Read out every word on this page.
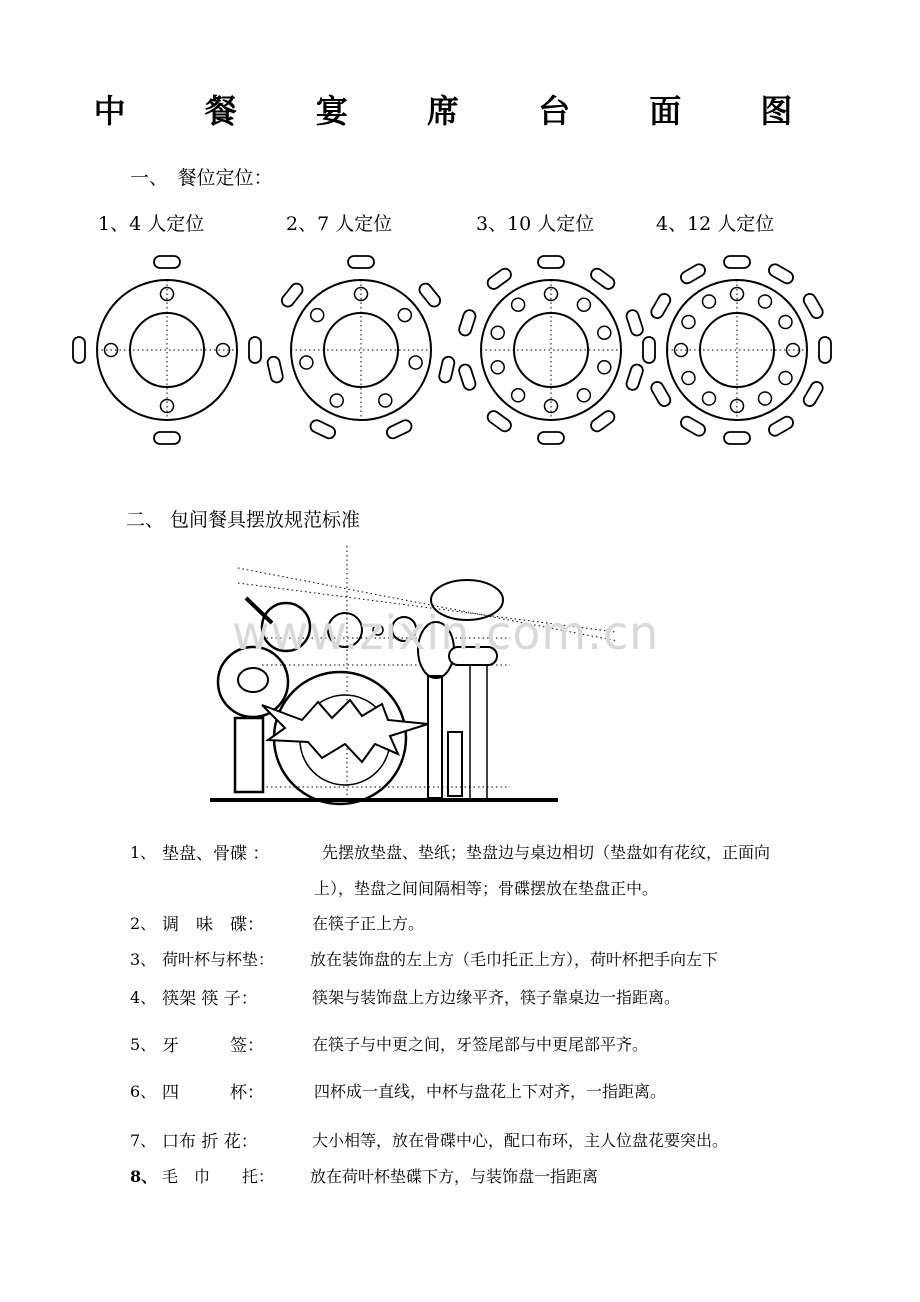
中 餐 宴 席 台 面 图
一、　餐位定位：
1、4 人定位	2、7 人定位	3、10 人定位	4、12 人定位
www.zixin.com.cn
二、 包间餐具摆放规范标准
1、 垫盘、骨碟 ：	先摆放垫盘、垫纸；垫盘边与桌边相切（垫盘如有花纹，正面向
上），垫盘之间间隔相等；骨碟摆放在垫盘正中。
2、 调　味　碟：	在筷子正上方。
3、 荷叶杯与杯垫： 放在装饰盘的左上方（毛巾托正上方），荷叶杯把手向左下
4、 筷架 筷 子：	筷架与装饰盘上方边缘平齐，筷子靠桌边一指距离。
5、 牙　　　签：	在筷子与中更之间，牙签尾部与中更尾部平齐。
6、 四　　　杯：	四杯成一直线，中杯与盘花上下对齐，一指距离。
7、 口布 折 花：	大小相等，放在骨碟中心，配口布环，主人位盘花要突出。
8、 毛　巾　　托： 放在荷叶杯垫碟下方，与装饰盘一指距离
